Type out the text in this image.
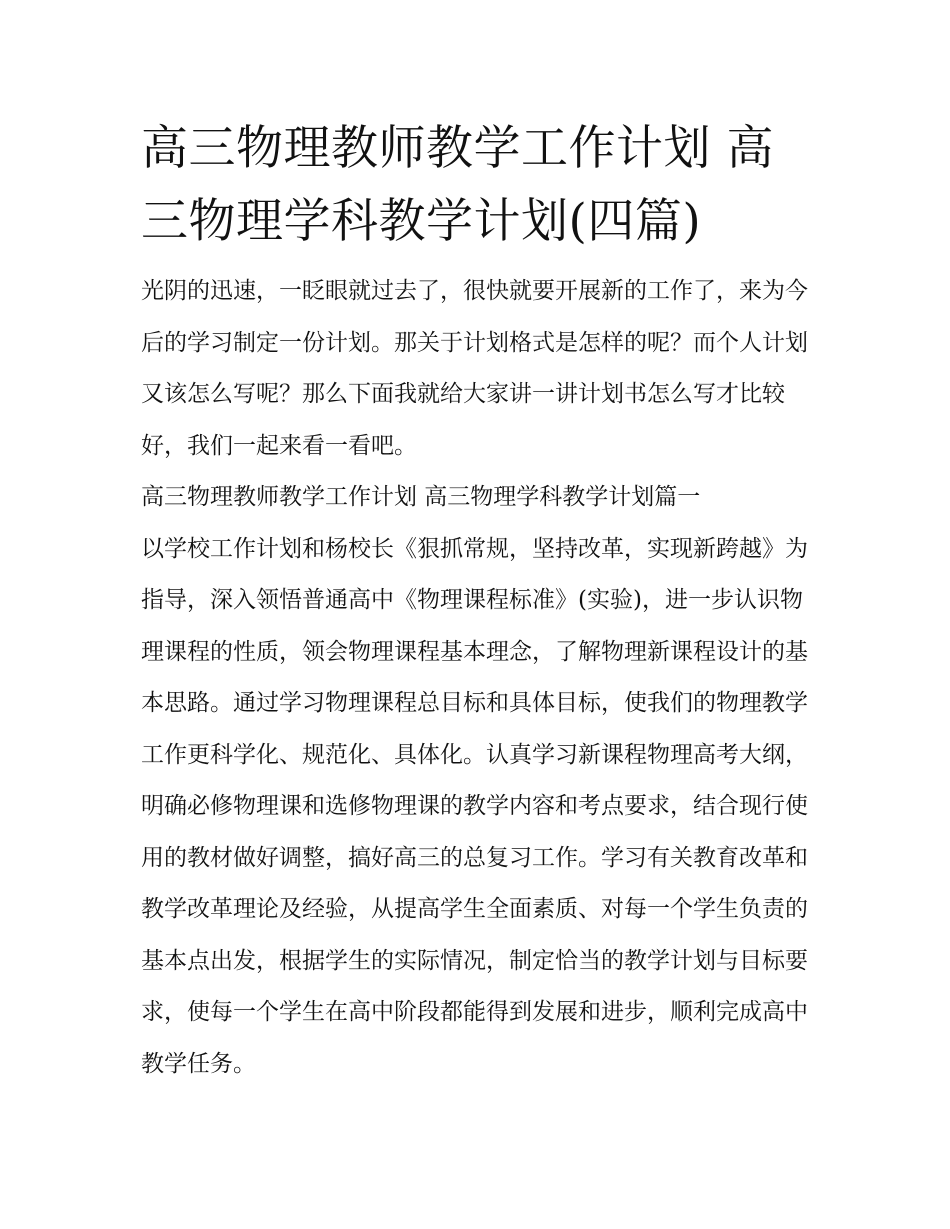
高三物理教师教学工作计划 高三物理学科教学计划(四篇)

光阴的迅速，一眨眼就过去了，很快就要开展新的工作了，来为今后的学习制定一份计划。那关于计划格式是怎样的呢？而个人计划又该怎么写呢？那么下面我就给大家讲一讲计划书怎么写才比较好，我们一起来看一看吧。

高三物理教师教学工作计划 高三物理学科教学计划篇一

以学校工作计划和杨校长《狠抓常规，坚持改革，实现新跨越》为指导，深入领悟普通高中《物理课程标准》(实验)，进一步认识物理课程的性质，领会物理课程基本理念，了解物理新课程设计的基本思路。通过学习物理课程总目标和具体目标，使我们的物理教学工作更科学化、规范化、具体化。认真学习新课程物理高考大纲，明确必修物理课和选修物理课的教学内容和考点要求，结合现行使用的教材做好调整，搞好高三的总复习工作。学习有关教育改革和教学改革理论及经验，从提高学生全面素质、对每一个学生负责的基本点出发，根据学生的实际情况，制定恰当的教学计划与目标要求，使每一个学生在高中阶段都能得到发展和进步，顺利完成高中教学任务。
